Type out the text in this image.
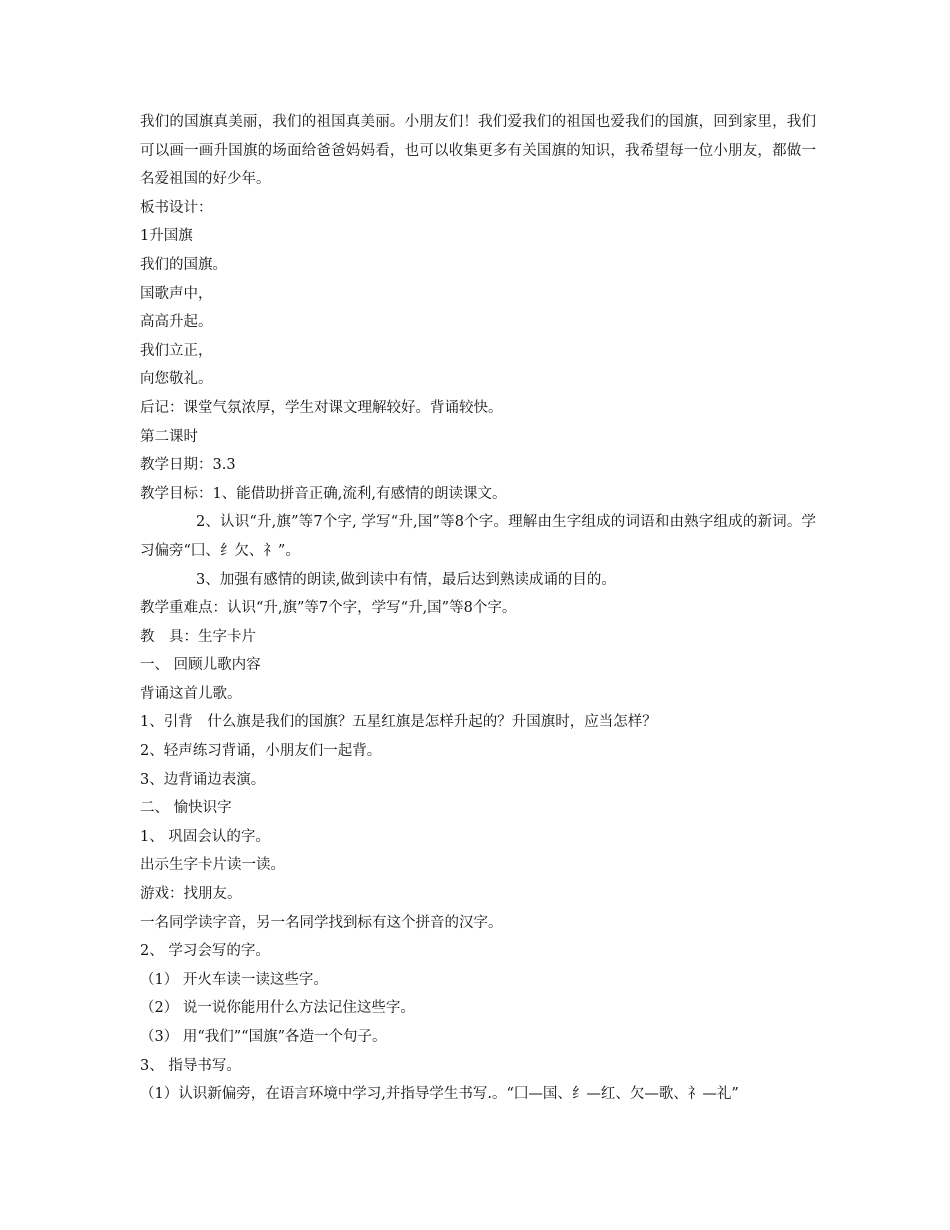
我们的国旗真美丽，我们的祖国真美丽。小朋友们！我们爱我们的祖国也爱我们的国旗，回到家里，我们可以画一画升国旗的场面给爸爸妈妈看，也可以收集更多有关国旗的知识，我希望每一位小朋友，都做一名爱祖国的好少年。

板书设计：

1升国旗

我们的国旗。

国歌声中，

高高升起。

我们立正，

向您敬礼。

后记：课堂气氛浓厚，学生对课文理解较好。背诵较快。

第二课时

教学日期：3.3

教学目标：1、能借助拼音正确,流利,有感情的朗读课文。

2、认识“升,旗”等7个字, 学写“升,国”等8个字。理解由生字组成的词语和由熟字组成的新词。学习偏旁“囗、纟欠、礻”。

3、加强有感情的朗读,做到读中有情，最后达到熟读成诵的目的。

教学重难点：认识“升,旗”等7个字，学写“升,国”等8个字。

教　具：生字卡片

一、 回顾儿歌内容

背诵这首儿歌。

1、引背　什么旗是我们的国旗？五星红旗是怎样升起的？升国旗时，应当怎样？

2、轻声练习背诵，小朋友们一起背。

3、边背诵边表演。

二、 愉快识字

1、 巩固会认的字。

出示生字卡片读一读。

游戏：找朋友。

一名同学读字音，另一名同学找到标有这个拼音的汉字。

2、 学习会写的字。

（1） 开火车读一读这些字。

（2） 说一说你能用什么方法记住这些字。

（3） 用“我们”“国旗”各造一个句子。

3、 指导书写。

（1）认识新偏旁，在语言环境中学习,并指导学生书写.。“囗—国、纟—红、欠—歌、礻—礼”
